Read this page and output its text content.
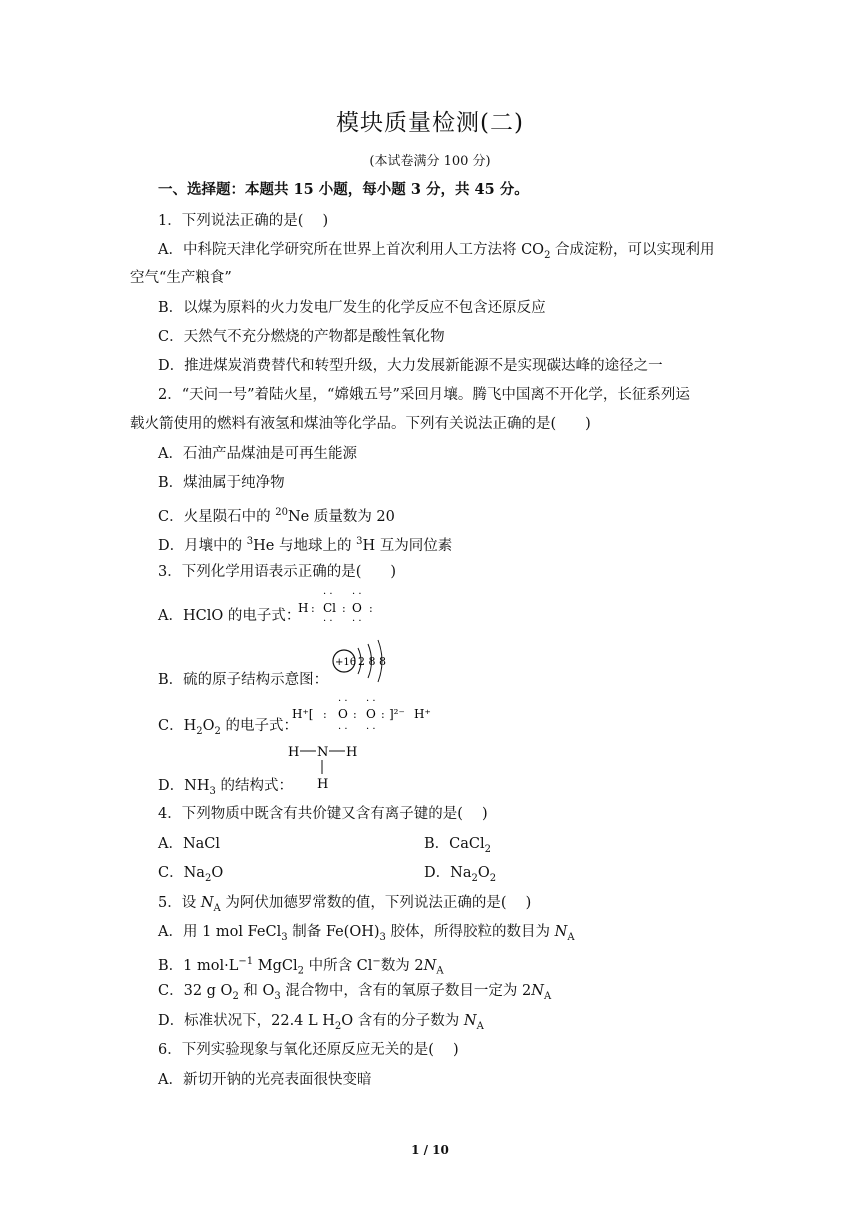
模块质量检测(二)
(本试卷满分 100 分)
一、选择题：本题共 15 小题，每小题 3 分，共 45 分。
1．下列说法正确的是(　 )
A．中科院天津化学研究所在世界上首次利用人工方法将 $CO_2$ 合成淀粉，可以实现利用
空气“生产粮食”
B．以煤为原料的火力发电厂发生的化学反应不包含还原反应
C．天然气不充分燃烧的产物都是酸性氧化物
D．推进煤炭消费替代和转型升级，大力发展新能源不是实现碳达峰的途径之一
2．“天问一号”着陆火星，“嫦娥五号”采回月壤。腾飞中国离不开化学，长征系列运
载火箭使用的燃料有液氢和煤油等化学品。下列有关说法正确的是(　　)
A．石油产品煤油是可再生能源
B．煤油属于纯净物
C．火星陨石中的 $^{20}$Ne 质量数为 20
D．月壤中的 $^3$He 与地球上的 $^3$H 互为同位素
3．下列化学用语表示正确的是(　　)
A．HClO 的电子式：
H : Cl : O :
· · · ·
· · · ·
B．硫的原子结构示意图：
+16 2 8 8
C．$H_2O_2$ 的电子式：
H⁺[ : O : O : ]²⁻ H⁺
· · · ·
· · · ·
D．$NH_3$ 的结构式：
H N H
H
4．下列物质中既含有共价键又含有离子键的是(　 )
A．NaCl	B．CaCl$_2$
C．$Na_2O$	D．$Na_2O_2$
5．设 $N_A$ 为阿伏加德罗常数的值，下列说法正确的是(　 )
A．用 1 mol FeCl$_3$ 制备 $Fe(OH)_3$ 胶体，所得胶粒的数目为 $N_A$
B．1 $mol\cdot L^{-1}$ MgCl$_2$ 中所含 Cl−数为 $2N_A$
C．32 g $O_2$ 和 $O_3$ 混合物中，含有的氧原子数目一定为 $2N_A$
D．标准状况下，22.4 L $H_2O$ 含有的分子数为 $N_A$
6．下列实验现象与氧化还原反应无关的是(　 )
A．新切开钠的光亮表面很快变暗
1 / 10
